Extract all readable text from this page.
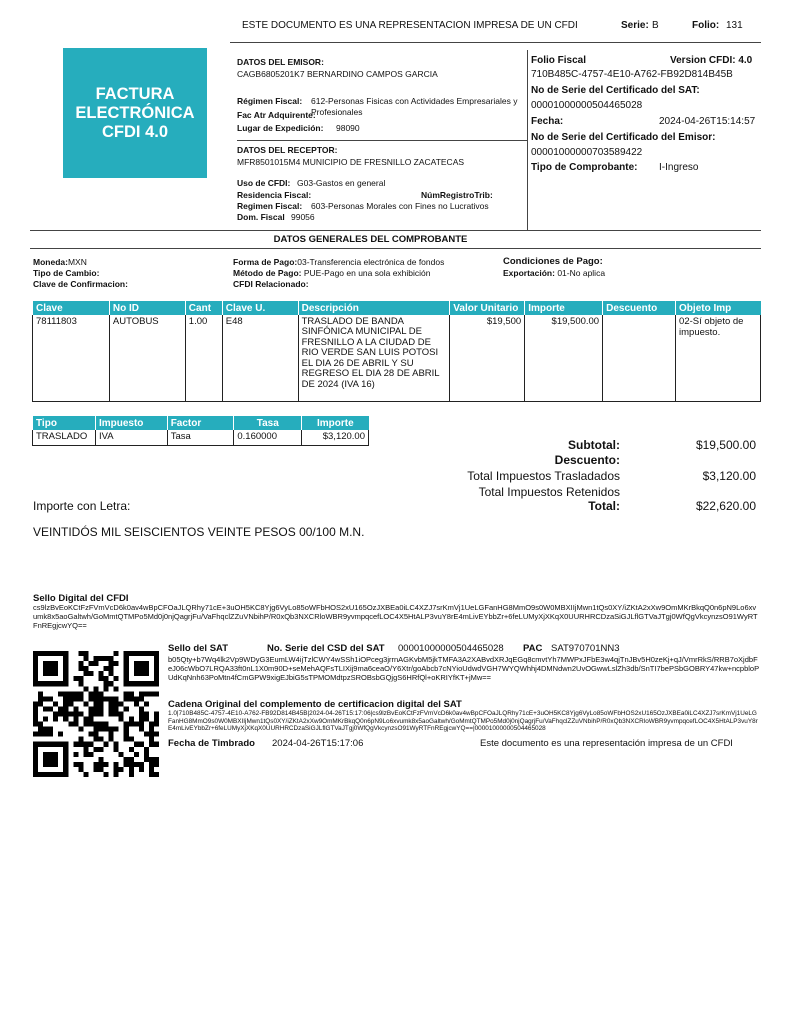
ESTE DOCUMENTO ES UNA REPRESENTACION IMPRESA DE UN CFDI	Serie: B	Folio: 131
FACTURA
ELECTRÓNICA
CFDI 4.0
DATOS DEL EMISOR:
CAGB6805201K7 BERNARDINO CAMPOS GARCIA
Régimen Fiscal: 612-Personas Fisicas con Actividades Empresariales y Profesionales
Fac Atr Adquirente:
Lugar de Expedición: 98090
DATOS DEL RECEPTOR:
MFR8501015M4 MUNICIPIO DE FRESNILLO ZACATECAS
Uso de CFDI: G03-Gastos en general
Residencia Fiscal:	NúmRegistroTrib:
Regimen Fiscal: 603-Personas Morales con Fines no Lucrativos
Dom. Fiscal 99056
Folio Fiscal	Version CFDI: 4.0
710B485C-4757-4E10-A762-FB92D814B45B
No de Serie del Certificado del SAT:
00001000000504465028
Fecha:	2024-04-26T15:14:57
No de Serie del Certificado del Emisor:
00001000000703589422
Tipo de Comprobante: I-Ingreso
DATOS GENERALES DEL COMPROBANTE
Moneda:MXN
Tipo de Cambio:
Clave de Confirmacion:
Forma de Pago:03-Transferencia electrónica de fondos
Método de Pago: PUE-Pago en una sola exhibición
CFDI Relacionado:
Condiciones de Pago:
Exportación: 01-No aplica
Clave	No ID	Cant	Clave U.	Descripción	Valor Unitario	Importe	Descuento	Objeto Imp
78111803	AUTOBUS	1.00	E48	TRASLADO DE BANDA SINFÓNICA MUNICIPAL DE FRESNILLO A LA CIUDAD DE RIO VERDE SAN LUIS POTOSI EL DIA 26 DE ABRIL Y SU REGRESO EL DIA 28 DE ABRIL DE 2024 (IVA 16)	$19,500	$19,500.00		02-Sí objeto de impuesto.
Tipo	Impuesto	Factor	Tasa	Importe
TRASLADO	IVA	Tasa	0.160000	$3,120.00
Subtotal:	$19,500.00
Descuento:
Total Impuestos Trasladados	$3,120.00
Total Impuestos Retenidos
Total:	$22,620.00
Importe con Letra:
VEINTIDÓS MIL SEISCIENTOS VEINTE PESOS 00/100 M.N.
Sello Digital del CFDI
cs9lzBvEoKCtFzFVmVcD6k0av4wBpCFOaJLQRhy71cE+3uOH5KC8Yjg6VyLo85oWFbHOS2xU165OzJXBEa0iLC4XZJ7srKmVj1UeLGFanHG8MmO9s0W0MBXIIjMwn1tQs0XY/iZKtA2xXw9OmMKrBkqQ0n6pN9Lo6xvumk8x5aoGaltwh/GoMmtQTMPo5Md0j0njQagrjFu/VaFhqclZZuVNbihP/R0xQb3NXCRloWBR9yvmpqcefLOC4X5HtALP3vuY8rE4mLivEYbbZr+6feLUMyXjXKqX0UURHRCDzaSiGJLflGTVaJTgj0WfQgVkcynzsO91WyRTFnREgjcwYQ==
Sello del SAT	No. Serie del CSD del SAT 00001000000504465028 PAC SAT970701NN3
b05Qty+b7Wq4lk2Vp9WDyG3EumLW4ijTzlCWY4wSSh1iOPceg3jrrnAGKvbM5jkTMFA3A2XABvdXRJqEGq8cmvtYh7MWPxJFbE3w4qjTnJBv5H0zeKj+qJ/VmrRkS/RRB7oXjdbFeJ06cWbO7LRQA33ft0nL1X0m90D+seMehAQFsTLIXij9ma6ceaO/Y6Xtr/goAbcb7cNYioUdwdVGH7WYQWhhj4DMNdwn2UvOGwwLslZh3db/SnTI7bePSbGOBRY47kw+ncpbloPUdKqNnh63PoMtn4fCmGPW9xigEJbiG5sTPMOMdtpzSROBsbGQjgS6HRfQl+oKRIYfKT+jMw==
Cadena Original del complemento de certificacion digital del SAT
1.0|710B485C-4757-4E10-A762-FB92D814B45B|2024-04-26T15:17:06|cs9lzBvEoKCtFzFVmVcD6k0av4wBpCFOaJLQRhy71cE+3uOH5KC8Yjg6VyLo85oWFbHOS2xU165OzJXBEa0iLC4XZJ7srKmVj1UeLGFanHG8MmO9s0W0MBXIIjMwn1tQs0XY/iZKtA2xXw9OmMKrBkqQ0n6pN9Lo6xvumk8x5aoGaltwh/GoMmtQTMPo5Md0j0njQagrjFu/VaFhqclZZuVNbihP/R0xQb3NXCRloWBR9yvmpqcefLOC4X5HtALP3vuY8rE4mLivEYbbZr+6feLUMyXjXKqX0UURHRCDzaSiGJLflGTVaJTgj0WfQgVkcynzsO91WyRTFnREgjcwYQ==|00001000000504465028
Fecha de Timbrado 2024-04-26T15:17:06	Este documento es una representación impresa de un CFDI
